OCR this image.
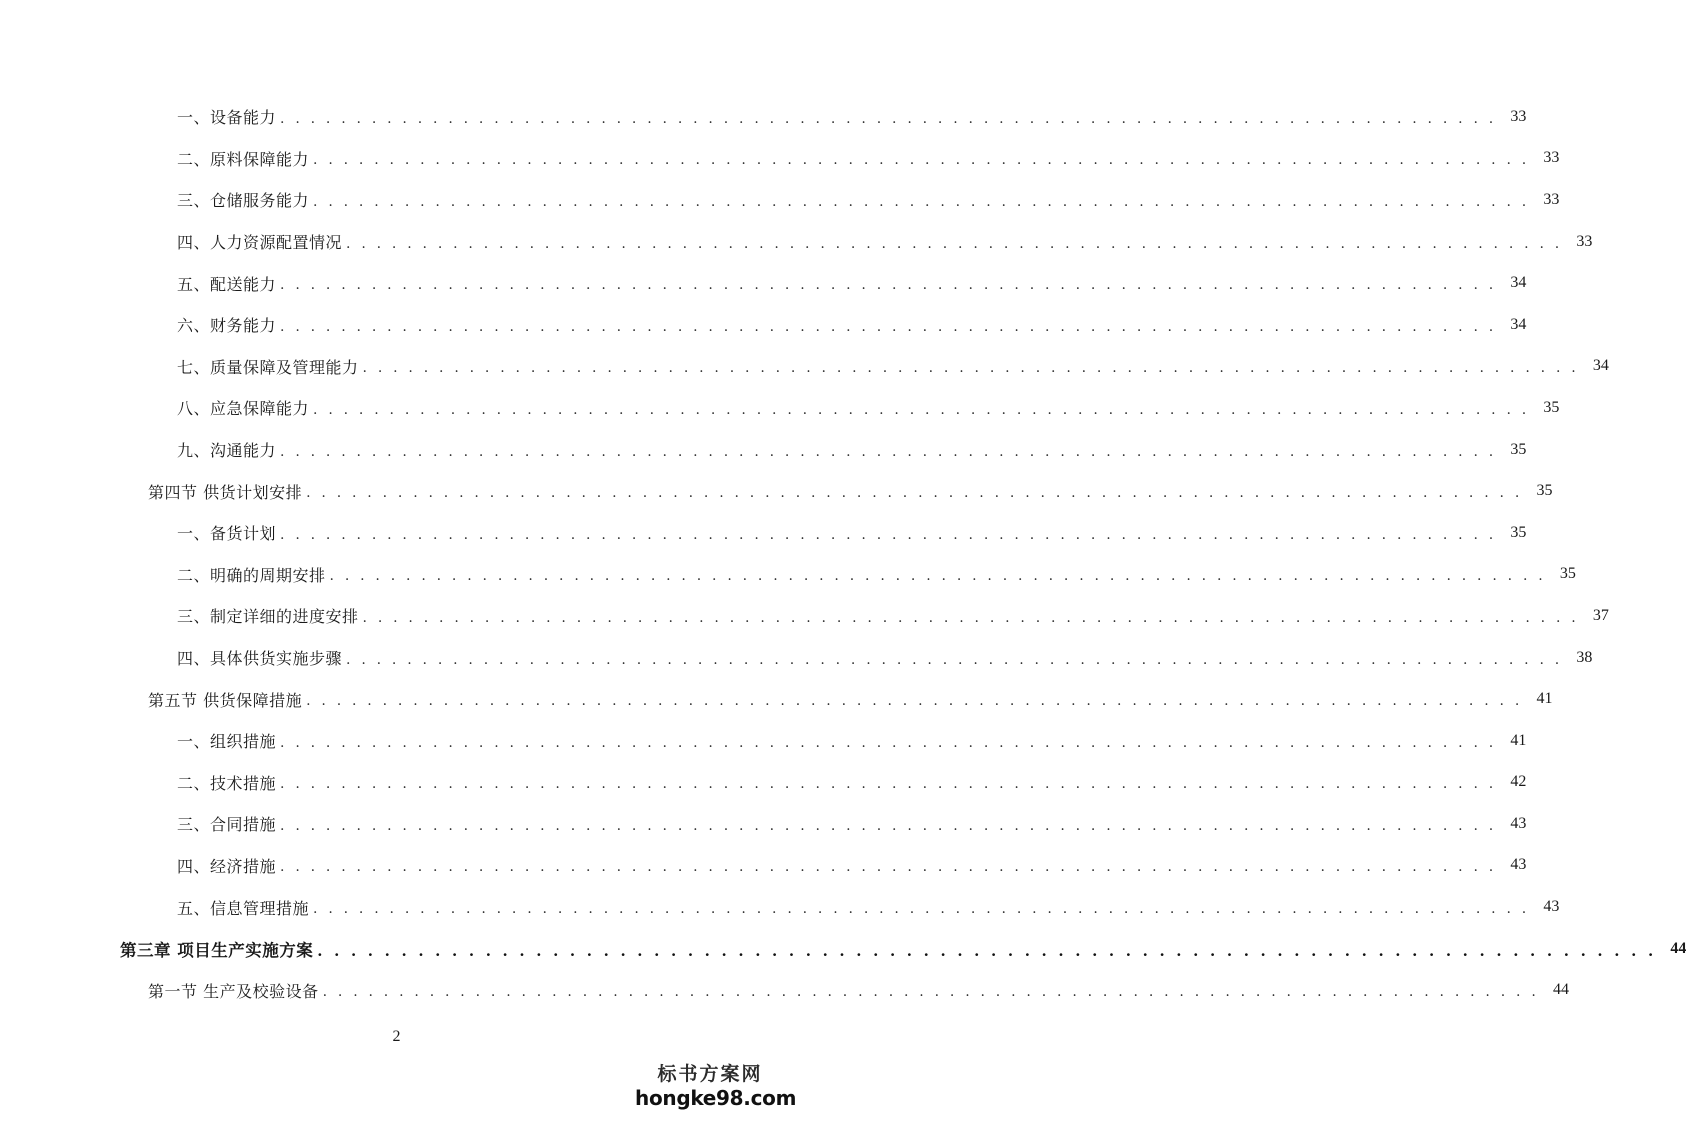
一、设备能力 . . . . . . . . . . . . . . . . . . . . . . . . . . . . . . . . . . . . . . . . . . . . . . . . . . . . . . . . . . . . . . . . . . . . . . . . . . . . . . . . 33
二、原料保障能力 . . . . . . . . . . . . . . . . . . . . . . . . . . . . . . . . . . . . . . . . . . . . . . . . . . . . . . . . . . . . . . . . . . . . . . . . . . . . . . . . 33
三、仓储服务能力 . . . . . . . . . . . . . . . . . . . . . . . . . . . . . . . . . . . . . . . . . . . . . . . . . . . . . . . . . . . . . . . . . . . . . . . . . . . . . . . . 33
四、人力资源配置情况 . . . . . . . . . . . . . . . . . . . . . . . . . . . . . . . . . . . . . . . . . . . . . . . . . . . . . . . . . . . . . . . . . . . . . . . . . . . . . . . . 33
五、配送能力 . . . . . . . . . . . . . . . . . . . . . . . . . . . . . . . . . . . . . . . . . . . . . . . . . . . . . . . . . . . . . . . . . . . . . . . . . . . . . . . . 34
六、财务能力 . . . . . . . . . . . . . . . . . . . . . . . . . . . . . . . . . . . . . . . . . . . . . . . . . . . . . . . . . . . . . . . . . . . . . . . . . . . . . . . . 34
七、质量保障及管理能力 . . . . . . . . . . . . . . . . . . . . . . . . . . . . . . . . . . . . . . . . . . . . . . . . . . . . . . . . . . . . . . . . . . . . . . . . . . . . . . . . 34
八、应急保障能力 . . . . . . . . . . . . . . . . . . . . . . . . . . . . . . . . . . . . . . . . . . . . . . . . . . . . . . . . . . . . . . . . . . . . . . . . . . . . . . . . 35
九、沟通能力 . . . . . . . . . . . . . . . . . . . . . . . . . . . . . . . . . . . . . . . . . . . . . . . . . . . . . . . . . . . . . . . . . . . . . . . . . . . . . . . . 35
第四节 供货计划安排 . . . . . . . . . . . . . . . . . . . . . . . . . . . . . . . . . . . . . . . . . . . . . . . . . . . . . . . . . . . . . . . . . . . . . . . . . . . . . . . . 35
一、备货计划 . . . . . . . . . . . . . . . . . . . . . . . . . . . . . . . . . . . . . . . . . . . . . . . . . . . . . . . . . . . . . . . . . . . . . . . . . . . . . . . . 35
二、明确的周期安排 . . . . . . . . . . . . . . . . . . . . . . . . . . . . . . . . . . . . . . . . . . . . . . . . . . . . . . . . . . . . . . . . . . . . . . . . . . . . . . . . 35
三、制定详细的进度安排 . . . . . . . . . . . . . . . . . . . . . . . . . . . . . . . . . . . . . . . . . . . . . . . . . . . . . . . . . . . . . . . . . . . . . . . . . . . . . . . . 37
四、具体供货实施步骤 . . . . . . . . . . . . . . . . . . . . . . . . . . . . . . . . . . . . . . . . . . . . . . . . . . . . . . . . . . . . . . . . . . . . . . . . . . . . . . . . 38
第五节 供货保障措施 . . . . . . . . . . . . . . . . . . . . . . . . . . . . . . . . . . . . . . . . . . . . . . . . . . . . . . . . . . . . . . . . . . . . . . . . . . . . . . . . 41
一、组织措施 . . . . . . . . . . . . . . . . . . . . . . . . . . . . . . . . . . . . . . . . . . . . . . . . . . . . . . . . . . . . . . . . . . . . . . . . . . . . . . . . 41
二、技术措施 . . . . . . . . . . . . . . . . . . . . . . . . . . . . . . . . . . . . . . . . . . . . . . . . . . . . . . . . . . . . . . . . . . . . . . . . . . . . . . . . 42
三、合同措施 . . . . . . . . . . . . . . . . . . . . . . . . . . . . . . . . . . . . . . . . . . . . . . . . . . . . . . . . . . . . . . . . . . . . . . . . . . . . . . . . 43
四、经济措施 . . . . . . . . . . . . . . . . . . . . . . . . . . . . . . . . . . . . . . . . . . . . . . . . . . . . . . . . . . . . . . . . . . . . . . . . . . . . . . . . 43
五、信息管理措施 . . . . . . . . . . . . . . . . . . . . . . . . . . . . . . . . . . . . . . . . . . . . . . . . . . . . . . . . . . . . . . . . . . . . . . . . . . . . . . . . 43
第三章 项目生产实施方案 . . . . . . . . . . . . . . . . . . . . . . . . . . . . . . . . . . . . . . . . . . . . . . . . . . . . . . . . . . . . . . . . . . . . . . . . . . . . . . . . 44
第一节 生产及校验设备 . . . . . . . . . . . . . . . . . . . . . . . . . . . . . . . . . . . . . . . . . . . . . . . . . . . . . . . . . . . . . . . . . . . . . . . . . . . . . . . . 44
2
标书方案网
hongke98.com
